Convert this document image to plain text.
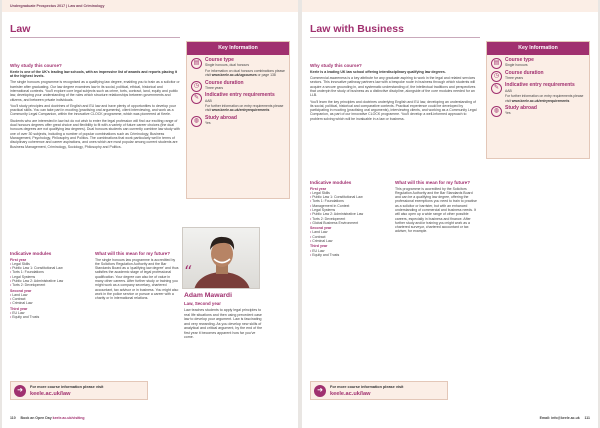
Undergraduate Prospectus 2017 | Law and Criminology
Law
Why study this course?

Keele is one of the UK's leading law schools, with an impressive list of awards and reports placing it at the highest levels.

The single honours programme is recognised as a qualifying law degree, enabling you to train as a solicitor or barrister after graduating. Our law degree examines law in its social, political, ethical, historical and international contexts. You'll explore core legal subjects such as crime, torts, contract, land, equity and public law, developing your understanding of the rules which structure relationships between governments and citizens, and between private individuals.

You'll study principles and doctrines of English and EU law and have plenty of opportunities to develop your practical skills. You can take part in mooting (practising oral arguments), client interviewing, and work as a Community Legal Companion, within the innovative CLOCK programme, which was pioneered at Keele.

Students who are interested in law but do not wish to enter the legal profession will find our exciting range of dual honours degrees offer great choice and flexibility to fit with a variety of future career choices (the dual honours degrees are not qualifying law degrees). Dual honours students can currently combine law study with one of over 30 subjects, including a number of popular combinations such as Criminology, Business Management, Psychology, Philosophy and Politics. The combinations that work particularly well in terms of disciplinary coherence and career aspirations, and ones which are most popular among current students are Business Management, Criminology, Sociology, Philosophy and Politics.

Indicative modules
First year
• Legal Skills
• Public Law 1: Constitutional Law
• Torts 1: Foundations
• Legal Systems
• Public Law 2: Administrative Law
• Torts 2: Development
Second year
• Land Law
• Contract
• Criminal Law
Third year
• EU Law
• Equity and Trusts
What will this mean for my future?

The single honours law programme is accredited by the Solicitors Regulation Authority and the Bar Standards Board as a 'qualifying law degree' and thus satisfies the academic stage of legal professional qualification. Your degree can also be of value in many other careers. After further study or training you might work as a company secretary, chartered accountant, tax advisor or in business. You might also work in the police service or pursue a career with a charity or in international relations.

Key Information
▤	Course type
Single honours, dual honours
For information on dual honours combinations please visit www.keele.ac.uk/ugcourses or page 138
◷	Course duration
Three years
✎	Indicative entry requirements
AAB
For further information on entry requirements please visit www.keele.ac.uk/entryrequirements
◍	Study abroad
Yes
“
Adam Mawardi
Law, Second year
Law teaches students to apply legal principles to real life situations and then using precedent case law to develop your argument. Law is fascinating and very rewarding. As you develop new skills of analytical and critical argument, by the end of the first year it becomes apparent how far you've come.
➜	For more course information please visit
keele.ac.uk/law
110 Book an Open Day keele.ac.uk/visiting
Law with Business
Why study this course?

Keele is a leading UK law school offering interdisciplinary qualifying law degrees.

Commercial awareness is a key attribute for any graduate aspiring to work in the legal and related services sectors. This innovative pathway partners law with a bespoke route in business through which students will acquire a secure grounding in, and systematic understanding of, the intellectual traditions and perspectives that underpin the study of business as a distinctive discipline, alongside of the core modules needed for an LLB.

You'll learn the key principles and doctrines underlying English and EU law, developing an understanding of its social, political, historical and comparative contexts. Practical experience could be developed by participating in mooting (practising oral arguments), interviewing clients, and working as a Community Legal Companion, as part of our innovative CLOCK programme. You'll develop a well-informed approach to problem solving which will be invaluable in a law or business.

Indicative modules
First year
• Legal Skills
• Public Law 1: Constitutional Law
• Torts 1: Foundations
• Management in Context
• Legal Systems
• Public Law 2: Administrative Law
• Torts 2: Development
• Global Business Environment
Second year
• Land Law
• Contract
• Criminal Law
Third year
• EU Law
• Equity and Trusts
What will this mean for my future?

This programme is accredited by the Solicitors Regulation Authority and the Bar Standards Board and can be a qualifying law degree, offering the professional exemptions you need to train to practise as a solicitor or barrister, but with an enhanced understanding of commercial and business needs. It will also open up a wide range of other possible careers, especially in business and finance. After further study and/or training you might work as a chartered surveyor, chartered accountant or tax adviser, for example.

Key Information
▤	Course type
Single honours
◷	Course duration
Three years
✎	Indicative entry requirements
AAB
For further information on entry requirements please visit www.keele.ac.uk/entryrequirements
◍	Study abroad
Yes
➜	For more course information please visit
keele.ac.uk/law
Email: info@keele.ac.uk 111
